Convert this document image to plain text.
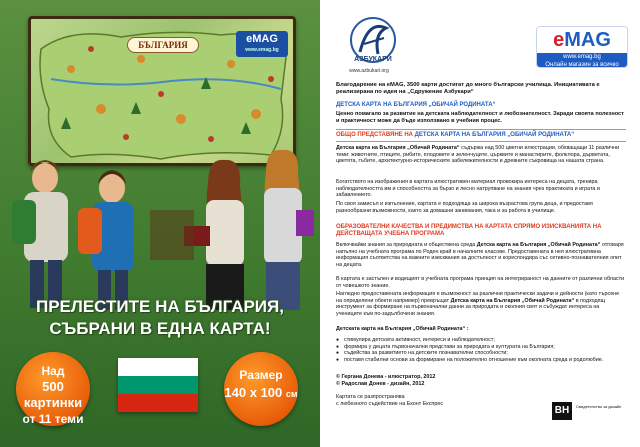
БЪЛГАРИЯ	eMAG
www.emag.bg
ПРЕЛЕСТИТЕ НА БЪЛГАРИЯ,
СЪБРАНИ В ЕДНА КАРТА!
Над
500 картинки
от 11 теми
Размер
140 х 100 см
АЗБУКАРИ
www.azbukari.org
eMAG
www.emag.bg
Онлайн магазин за всичко
Благодарение на eMAG, 3500 карти достигат до много български училища. Инициативата е реализирана по идея на „Сдружение Азбукари“
ДЕТСКА КАРТА НА БЪЛГАРИЯ „ОБИЧАЙ РОДИНАТА“
Ценно помагало за развитие на детската наблюдателност и любознателност. Заради своята полезност и практичност може да бъде използвано в учебния процес.
ОБЩО ПРЕДСТАВЯНЕ НА ДЕТСКА КАРТА НА БЪЛГАРИЯ „ОБИЧАЙ РОДИНАТА“
Детска карта на България „Обичай Родината“ съдържа над 500 цветни илюстрации, обхващащи 11 различни теми: животните, птиците, рибите, плодовете и зеленчуците, църквите и манастирите, фолклора, дърветата, цветята, гъбите, архитектурно-историческите забележителности и древните съкровища на нашата страна.
Богатството на изображения в картата илюстративен материал провокира интереса на децата, тренира наблюдателността им и способността за бързо и лесно натрупване на знания чрез практиката и играта и забавлението.
По своя замисъл и изпълнение, картата е подходяща за широка възрастова група деца, и предоставя разнообразни възможности, както за домашни занимания, така и за работа в училище.
ОБРАЗОВАТЕЛНИ КАЧЕСТВА И ПРЕДИМСТВА НА КАРТАТА СПРЯМО ИЗИСКВАНИЯТА НА ДЕЙСТВАЩАТА УЧЕБНА ПРОГРАМА
Включвайки знания за природната и обществена среда Детска карта на България „Обичай Родината“ отговаря напълно на учебната програма по Роден край в началните класове. Предоставената в нея илюстративна информация съответства на важните изисквания за достъпност и кореспондира със сетивно-познавателния опит на децата.
В картата е застъпен и водещият в учебната програма принцип на интегрираност на данните от различни области от човешкото знание.
Нагледно предоставената информация е възможност за различни практически задачи и дейности (като търсене на определени обекти например) превръщат Детска карта на България „Обичай Родината“ в подходящ инструмент за формиране на първоначални данни за природата и околния свят и събуждат интереса на учениците към по-задълбочени знания.
Детската карта на България „Обичай Родината“ :
● стимулира детската активност, интереси и наблюдателност;
● формира у децата първоначални представи за природата и културата на България;
● съдейства за развитието на детските познавателни способности;
● поставя стабилни основи за формиране на положително отношение към околната среда и родолюбие.
© Гергана Донева - илюстратор, 2012
© Радослав Донев - дизайн, 2012
Картата се разпространява
с любезното съдействие на Еконт Експрес
BH	Свидетелство за дизайн
